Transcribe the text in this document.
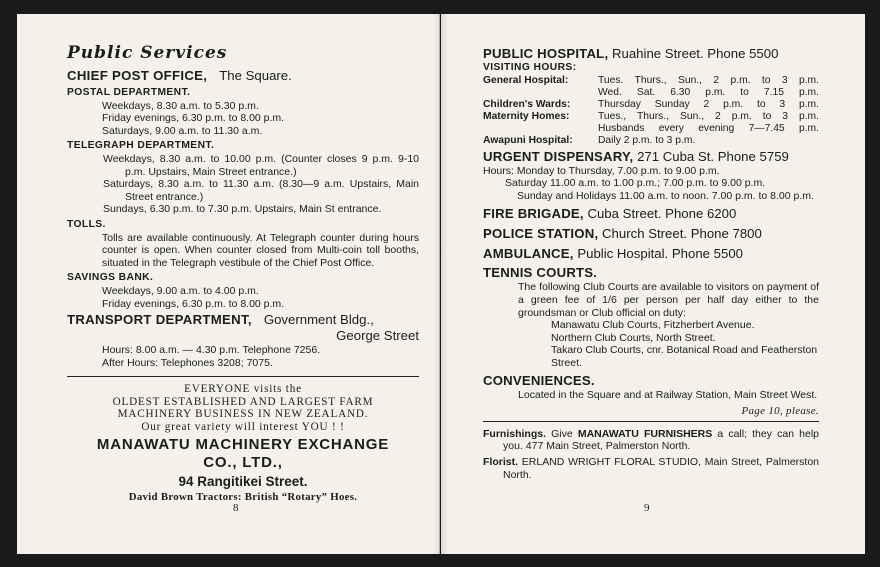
Public Services

CHIEF POST OFFICE, The Square.

POSTAL DEPARTMENT.

Weekdays, 8.30 a.m. to 5.30 p.m.

Friday evenings, 6.30 p.m. to 8.00 p.m.

Saturdays, 9.00 a.m. to 11.30 a.m.

TELEGRAPH DEPARTMENT.

Weekdays, 8.30 a.m. to 10.00 p.m. (Counter closes 9 p.m. 9-10 p.m. Upstairs, Main Street entrance.)

Saturdays, 8.30 a.m. to 11.30 a.m. (8.30—9 a.m. Upstairs, Main Street entrance.)

Sundays, 6.30 p.m. to 7.30 p.m. Upstairs, Main St entrance.

TOLLS.

Tolls are available continuously. At Telegraph counter during hours counter is open. When counter closed from Multi-coin toll booths, situated in the Telegraph vestibule of the Chief Post Office.

SAVINGS BANK.

Weekdays, 9.00 a.m. to 4.00 p.m.

Friday evenings, 6.30 p.m. to 8.00 p.m.

TRANSPORT DEPARTMENT, Government Bldg.,

George Street

Hours: 8.00 a.m. — 4.30 p.m. Telephone 7256.

After Hours: Telephones 3208; 7075.

EVERYONE visits the

OLDEST ESTABLISHED AND LARGEST FARM

MACHINERY BUSINESS IN NEW ZEALAND.

Our great variety will interest YOU ! !

MANAWATU MACHINERY EXCHANGE

CO., LTD.,

94 Rangitikei Street.

David Brown Tractors: British “Rotary” Hoes.

8

PUBLIC HOSPITAL, Ruahine Street. Phone 5500

VISITING HOURS:

General Hospital:	Tues. Thurs., Sun., 2 p.m. to 3 p.m.
	Wed. Sat. 6.30 p.m. to 7.15 p.m.
Children's Wards:	Thursday Sunday 2 p.m. to 3 p.m.
Maternity Homes:	Tues., Thurs., Sun., 2 p.m. to 3 p.m.
	Husbands every evening 7—7.45 p.m.
Awapuni Hospital:	Daily 2 p.m. to 3 p.m.

URGENT DISPENSARY, 271 Cuba St. Phone 5759

Hours: Monday to Thursday, 7.00 p.m. to 9.00 p.m.

Saturday 11.00 a.m. to 1.00 p.m.; 7.00 p.m. to 9.00 p.m.

Sunday and Holidays 11.00 a.m. to noon. 7.00 p.m. to 8.00 p.m.

FIRE BRIGADE, Cuba Street. Phone 6200

POLICE STATION, Church Street. Phone 7800

AMBULANCE, Public Hospital. Phone 5500

TENNIS COURTS.

The following Club Courts are available to visitors on payment of a green fee of 1/6 per person per half day either to the groundsman or Club official on duty:

Manawatu Club Courts, Fitzherbert Avenue.

Northern Club Courts, North Street.

Takaro Club Courts, cnr. Botanical Road and Featherston Street.

CONVENIENCES.

Located in the Square and at Railway Station, Main Street West.

Page 10, please.

Furnishings. Give MANAWATU FURNISHERS a call; they can help you. 477 Main Street, Palmerston North.

Florist. ERLAND WRIGHT FLORAL STUDIO, Main Street, Palmerston North.

9
